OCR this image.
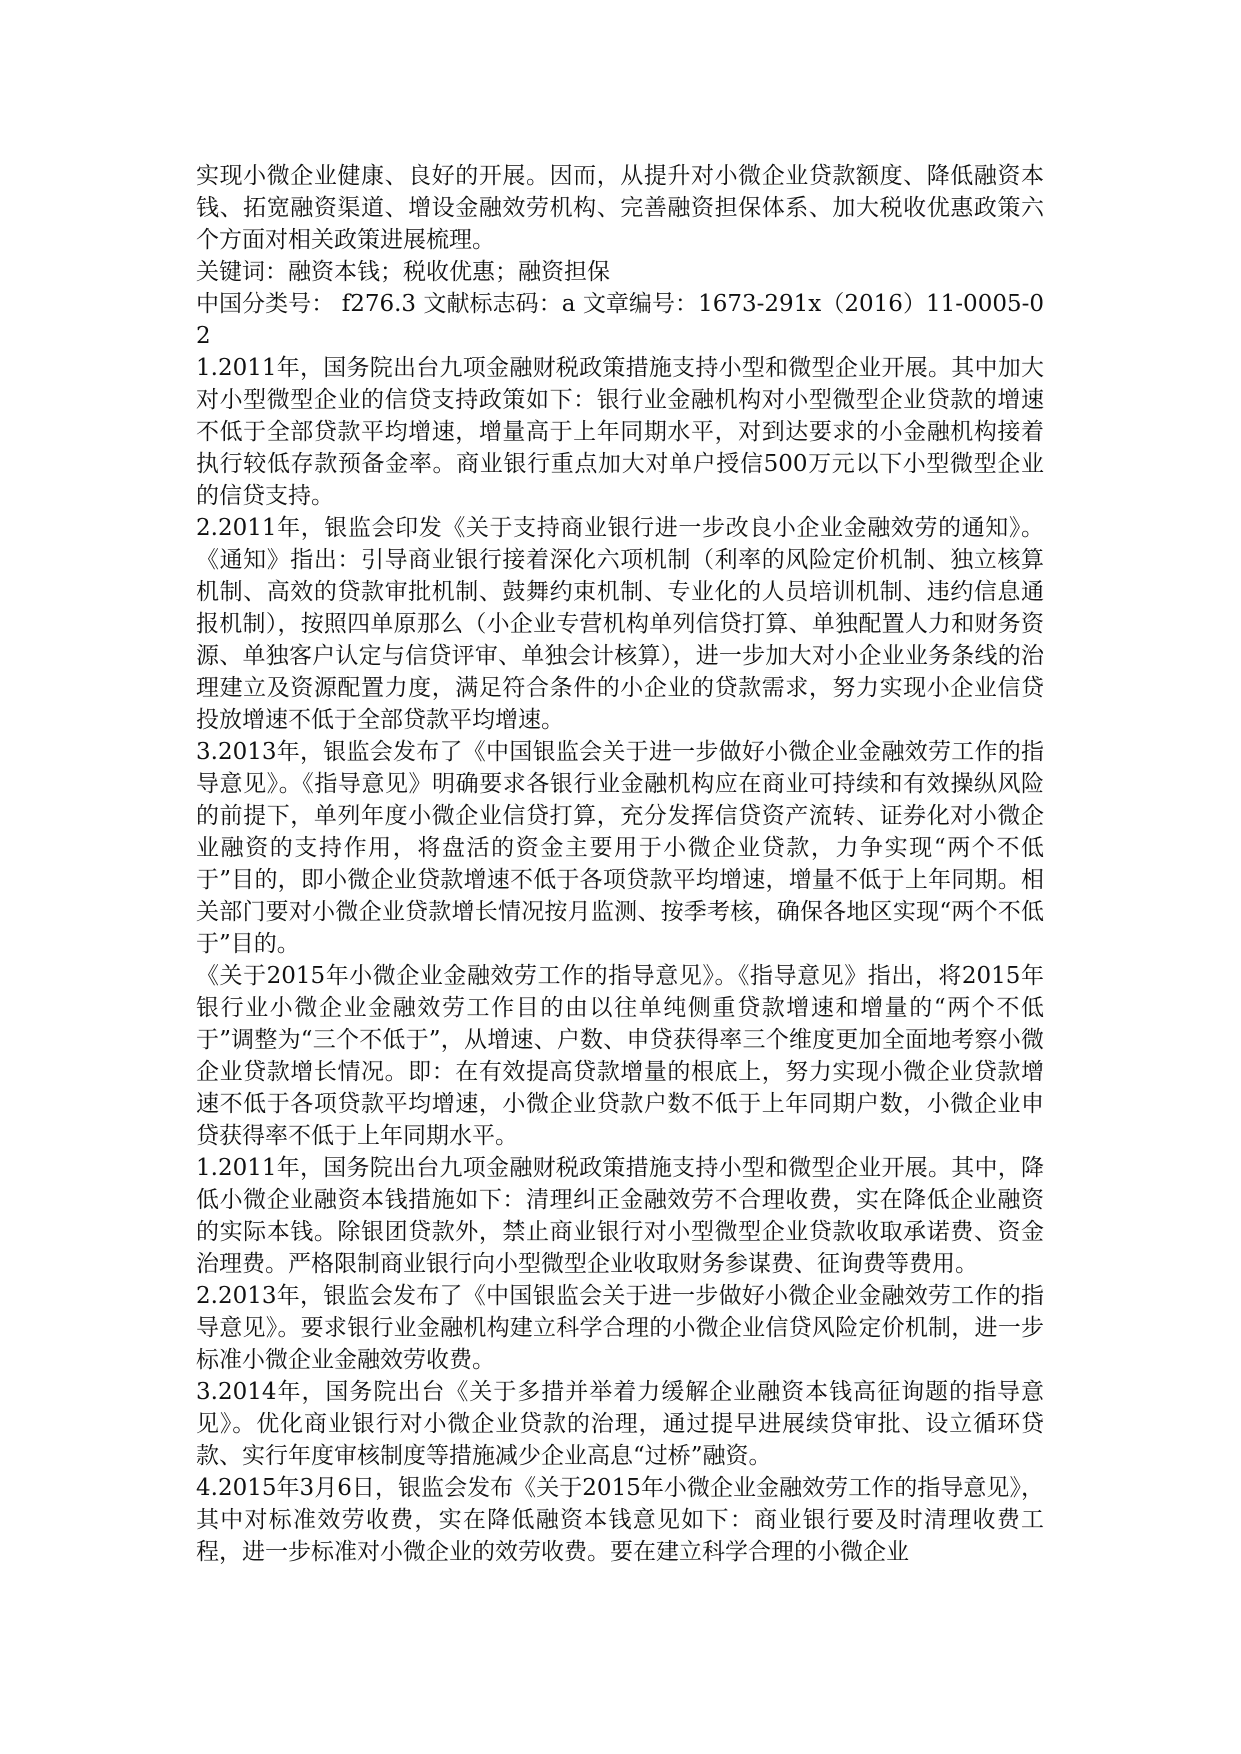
实现小微企业健康、良好的开展。因而，从提升对小微企业贷款额度、降低融资本钱、拓宽融资渠道、增设金融效劳机构、完善融资担保体系、加大税收优惠政策六个方面对相关政策进展梳理。

关键词：融资本钱；税收优惠；融资担保

中国分类号： f276.3 文献标志码：a 文章编号：1673-291x（2016）11-0005-02

1.2011年，国务院出台九项金融财税政策措施支持小型和微型企业开展。其中加大对小型微型企业的信贷支持政策如下：银行业金融机构对小型微型企业贷款的增速不低于全部贷款平均增速，增量高于上年同期水平，对到达要求的小金融机构接着执行较低存款预备金率。商业银行重点加大对单户授信500万元以下小型微型企业的信贷支持。

2.2011年，银监会印发《关于支持商业银行进一步改良小企业金融效劳的通知》。《通知》指出：引导商业银行接着深化六项机制（利率的风险定价机制、独立核算机制、高效的贷款审批机制、鼓舞约束机制、专业化的人员培训机制、违约信息通报机制），按照四单原那么（小企业专营机构单列信贷打算、单独配置人力和财务资源、单独客户认定与信贷评审、单独会计核算），进一步加大对小企业业务条线的治理建立及资源配置力度，满足符合条件的小企业的贷款需求，努力实现小企业信贷投放增速不低于全部贷款平均增速。

3.2013年，银监会发布了《中国银监会关于进一步做好小微企业金融效劳工作的指导意见》。《指导意见》明确要求各银行业金融机构应在商业可持续和有效操纵风险的前提下，单列年度小微企业信贷打算，充分发挥信贷资产流转、证券化对小微企业融资的支持作用，将盘活的资金主要用于小微企业贷款，力争实现“两个不低于”目的，即小微企业贷款增速不低于各项贷款平均增速，增量不低于上年同期。相关部门要对小微企业贷款增长情况按月监测、按季考核，确保各地区实现“两个不低于”目的。

《关于2015年小微企业金融效劳工作的指导意见》。《指导意见》指出，将2015年银行业小微企业金融效劳工作目的由以往单纯侧重贷款增速和增量的“两个不低于”调整为“三个不低于”，从增速、户数、申贷获得率三个维度更加全面地考察小微企业贷款增长情况。即：在有效提高贷款增量的根底上，努力实现小微企业贷款增速不低于各项贷款平均增速，小微企业贷款户数不低于上年同期户数，小微企业申贷获得率不低于上年同期水平。

1.2011年，国务院出台九项金融财税政策措施支持小型和微型企业开展。其中，降低小微企业融资本钱措施如下：清理纠正金融效劳不合理收费，实在降低企业融资的实际本钱。除银团贷款外，禁止商业银行对小型微型企业贷款收取承诺费、资金治理费。严格限制商业银行向小型微型企业收取财务参谋费、征询费等费用。

2.2013年，银监会发布了《中国银监会关于进一步做好小微企业金融效劳工作的指导意见》。要求银行业金融机构建立科学合理的小微企业信贷风险定价机制，进一步标准小微企业金融效劳收费。

3.2014年，国务院出台《关于多措并举着力缓解企业融资本钱高征询题的指导意见》。优化商业银行对小微企业贷款的治理，通过提早进展续贷审批、设立循环贷款、实行年度审核制度等措施减少企业高息“过桥”融资。

4.2015年3月6日，银监会发布《关于2015年小微企业金融效劳工作的指导意见》，其中对标准效劳收费，实在降低融资本钱意见如下：商业银行要及时清理收费工程，进一步标准对小微企业的效劳收费。要在建立科学合理的小微企业
